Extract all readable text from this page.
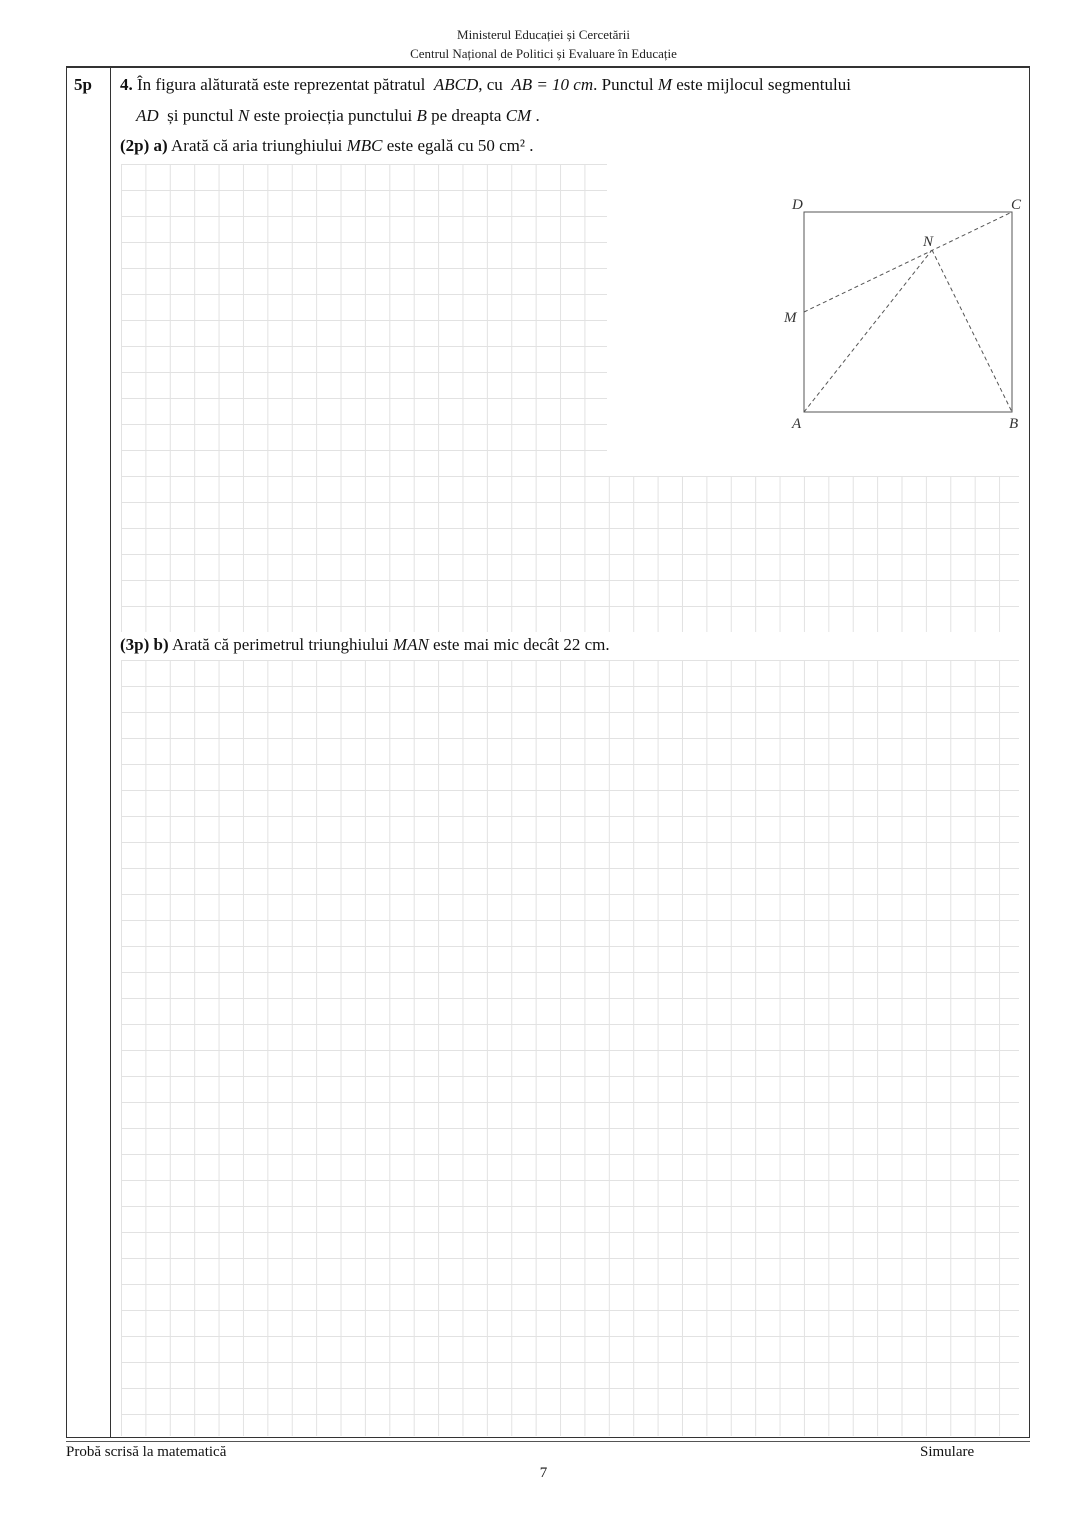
Ministerul Educației și Cercetării
Centrul Național de Politici și Evaluare în Educație
5p 4. În figura alăturată este reprezentat pătratul ABCD, cu AB = 10 cm. Punctul M este mijlocul segmentului
AD și punctul N este proiecția punctului B pe dreapta CM .
(2p) a) Arată că aria triunghiului MBC este egală cu 50 cm² .
D	C
N
M
A	B
(3p) b) Arată că perimetrul triunghiului MAN este mai mic decât 22 cm.
Probă scrisă la matematică	Simulare
7
